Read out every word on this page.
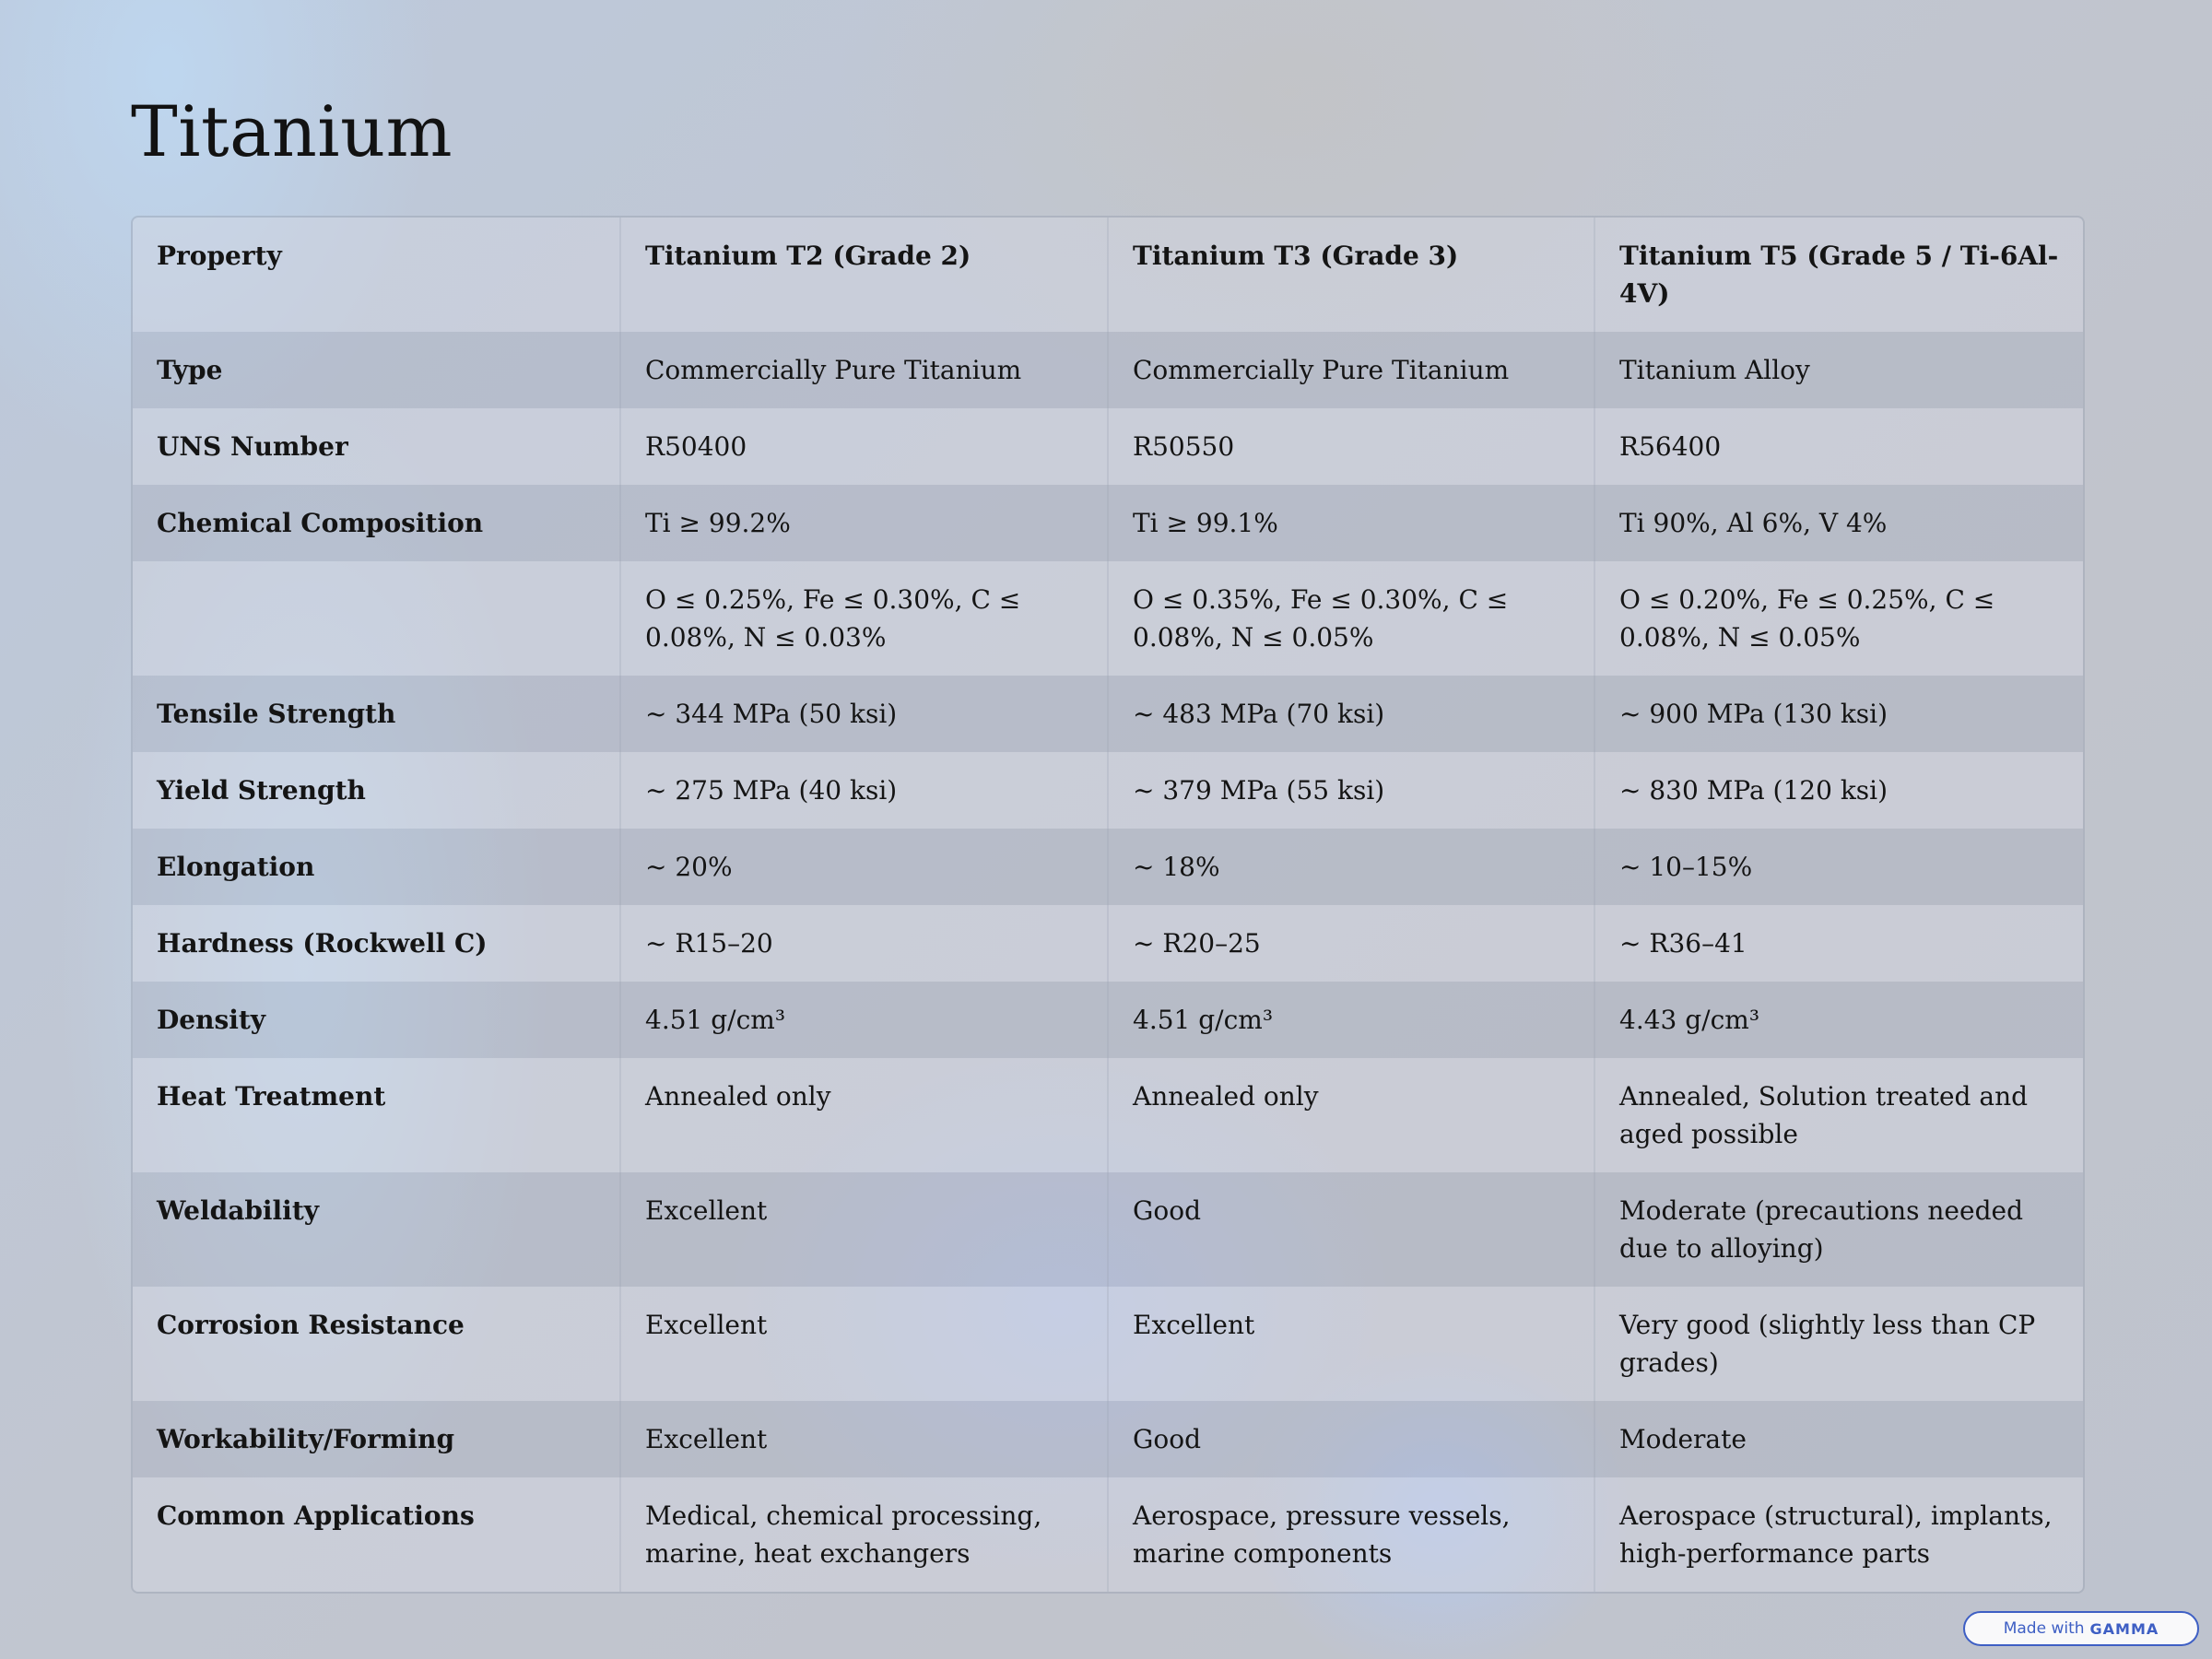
Titanium
Property	Titanium T2 (Grade 2)	Titanium T3 (Grade 3)	Titanium T5 (Grade 5 / Ti-6Al-4V)
Type	Commercially Pure Titanium	Commercially Pure Titanium	Titanium Alloy
UNS Number	R50400	R50550	R56400
Chemical Composition	Ti ≥ 99.2%	Ti ≥ 99.1%	Ti 90%, Al 6%, V 4%
	O ≤ 0.25%, Fe ≤ 0.30%, C ≤ 0.08%, N ≤ 0.03%	O ≤ 0.35%, Fe ≤ 0.30%, C ≤ 0.08%, N ≤ 0.05%	O ≤ 0.20%, Fe ≤ 0.25%, C ≤ 0.08%, N ≤ 0.05%
Tensile Strength	~ 344 MPa (50 ksi)	~ 483 MPa (70 ksi)	~ 900 MPa (130 ksi)
Yield Strength	~ 275 MPa (40 ksi)	~ 379 MPa (55 ksi)	~ 830 MPa (120 ksi)
Elongation	~ 20%	~ 18%	~ 10–15%
Hardness (Rockwell C)	~ R15–20	~ R20–25	~ R36–41
Density	4.51 g/cm³	4.51 g/cm³	4.43 g/cm³
Heat Treatment	Annealed only	Annealed only	Annealed, Solution treated and aged possible
Weldability	Excellent	Good	Moderate (precautions needed due to alloying)
Corrosion Resistance	Excellent	Excellent	Very good (slightly less than CP grades)
Workability/Forming	Excellent	Good	Moderate
Common Applications	Medical, chemical processing, marine, heat exchangers	Aerospace, pressure vessels, marine components	Aerospace (structural), implants, high-performance parts
Made with GAMMA
